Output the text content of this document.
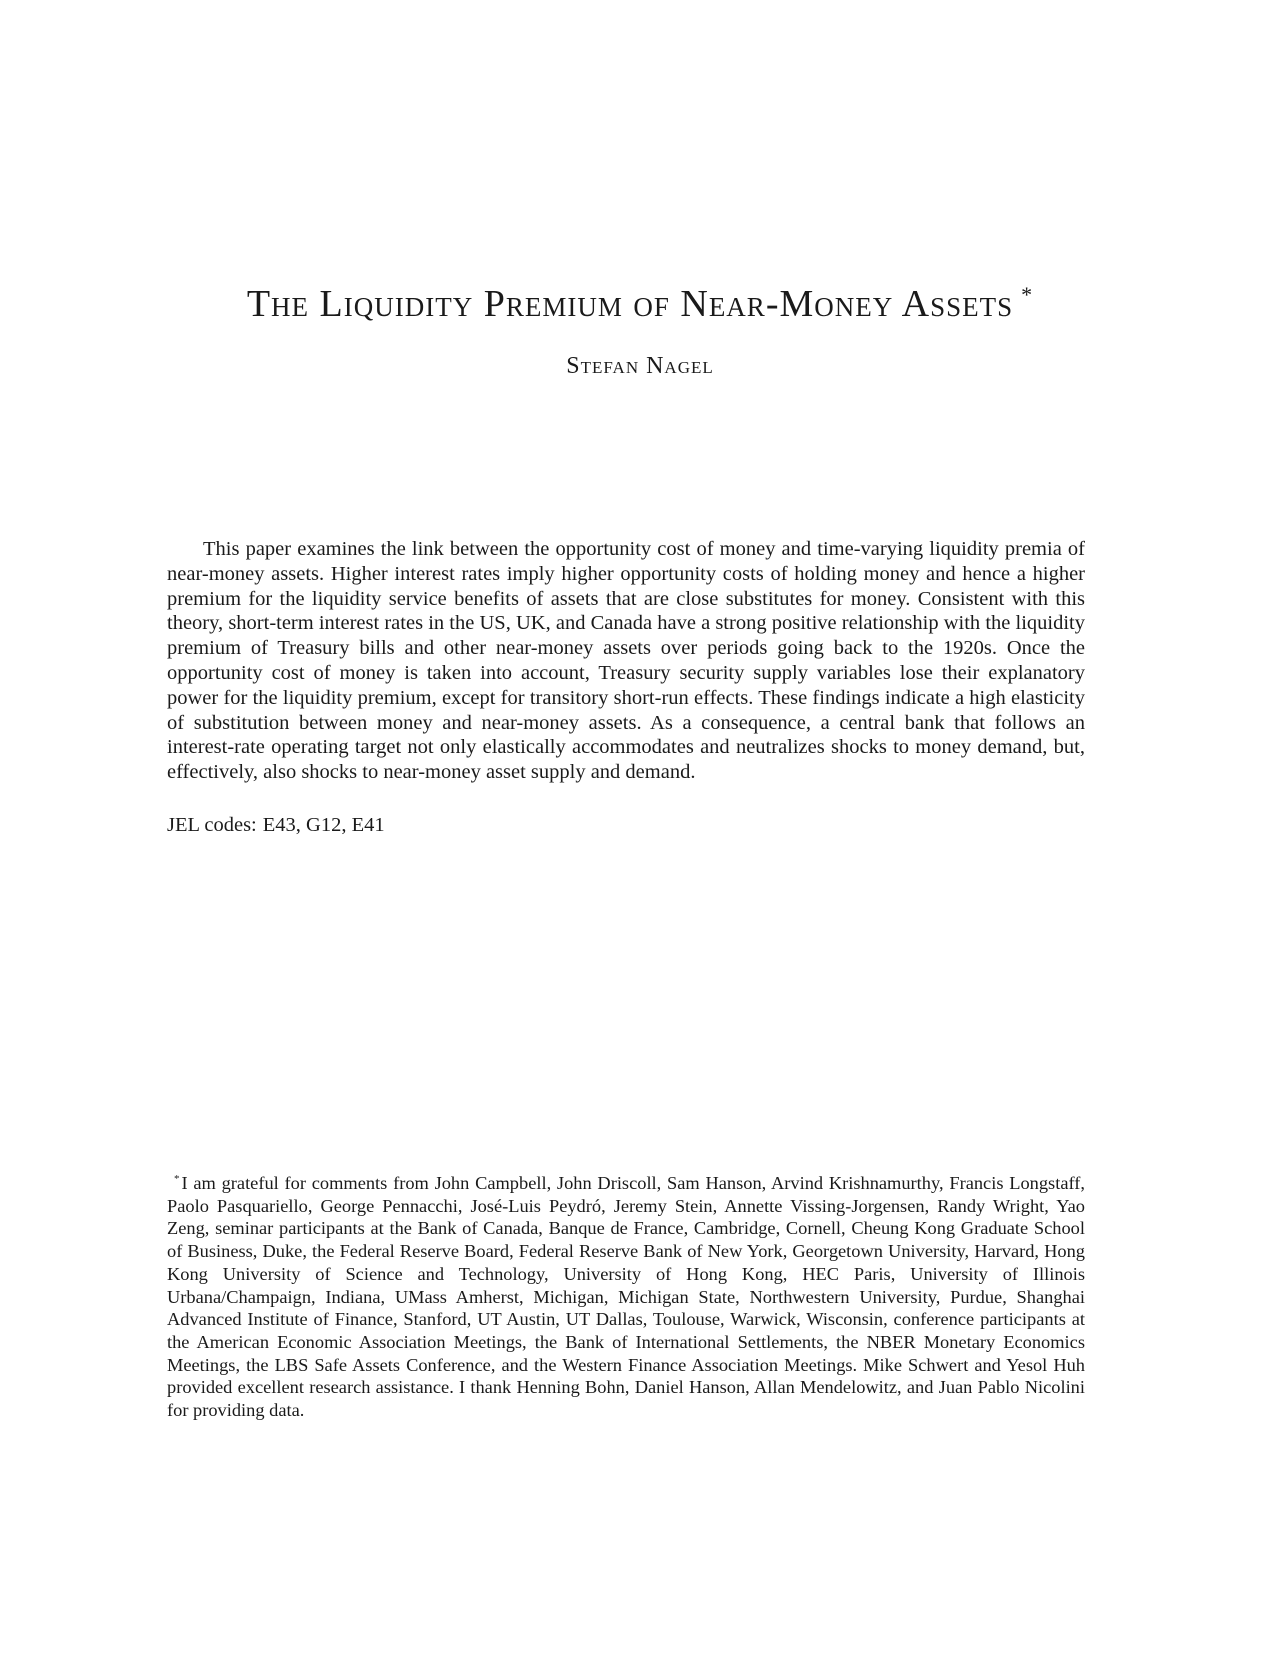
The Liquidity Premium of Near-Money Assets *
Stefan Nagel

This paper examines the link between the opportunity cost of money and time-varying liquidity premia of near-money assets. Higher interest rates imply higher opportunity costs of holding money and hence a higher premium for the liquidity service benefits of assets that are close substitutes for money. Consistent with this theory, short-term interest rates in the US, UK, and Canada have a strong positive relationship with the liquidity premium of Treasury bills and other near-money assets over periods going back to the 1920s. Once the opportunity cost of money is taken into account, Treasury security supply variables lose their explanatory power for the liquidity premium, except for transitory short-run effects. These findings indicate a high elasticity of substitution between money and near-money assets. As a consequence, a central bank that follows an interest-rate operating target not only elastically accommodates and neutralizes shocks to money demand, but, effectively, also shocks to near-money asset supply and demand.

JEL codes: E43, G12, E41

* I am grateful for comments from John Campbell, John Driscoll, Sam Hanson, Arvind Krishnamurthy, Francis Longstaff, Paolo Pasquariello, George Pennacchi, José-Luis Peydró, Jeremy Stein, Annette Vissing-Jorgensen, Randy Wright, Yao Zeng, seminar participants at the Bank of Canada, Banque de France, Cambridge, Cornell, Cheung Kong Graduate School of Business, Duke, the Federal Reserve Board, Federal Reserve Bank of New York, Georgetown University, Harvard, Hong Kong University of Science and Technology, University of Hong Kong, HEC Paris, University of Illinois Urbana/Champaign, Indiana, UMass Amherst, Michigan, Michigan State, Northwestern University, Purdue, Shanghai Advanced Institute of Finance, Stanford, UT Austin, UT Dallas, Toulouse, Warwick, Wisconsin, conference participants at the American Economic Association Meetings, the Bank of International Settlements, the NBER Monetary Economics Meetings, the LBS Safe Assets Conference, and the Western Finance Association Meetings. Mike Schwert and Yesol Huh provided excellent research assistance. I thank Henning Bohn, Daniel Hanson, Allan Mendelowitz, and Juan Pablo Nicolini for providing data.
